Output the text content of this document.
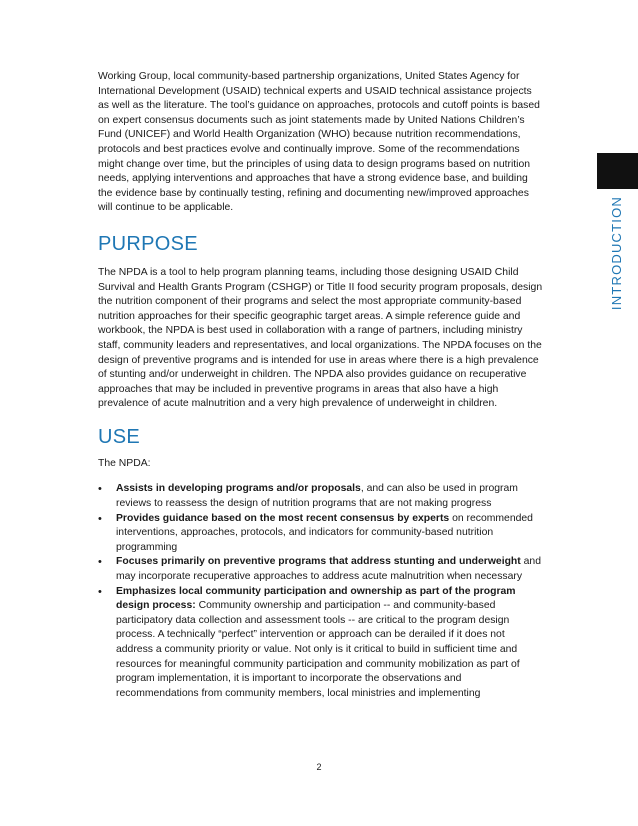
Working Group, local community-based partnership organizations, United States Agency for International Development (USAID) technical experts and USAID technical assistance projects as well as the literature. The tool’s guidance on approaches, protocols and cutoff points is based on expert consensus documents such as joint statements made by United Nations Children’s Fund (UNICEF) and World Health Organization (WHO) because nutrition recommendations, protocols and best practices evolve and continually improve. Some of the recommendations might change over time, but the principles of using data to design programs based on nutrition needs, applying interventions and approaches that have a strong evidence base, and building the evidence base by continually testing, refining and documenting new/improved approaches will continue to be applicable.

PURPOSE

The NPDA is a tool to help program planning teams, including those designing USAID Child Survival and Health Grants Program (CSHGP) or Title II food security program proposals, design the nutrition component of their programs and select the most appropriate community-based nutrition approaches for their specific geographic target areas. A simple reference guide and workbook, the NPDA is best used in collaboration with a range of partners, including ministry staff, community leaders and representatives, and local organizations. The NPDA focuses on the design of preventive programs and is intended for use in areas where there is a high prevalence of stunting and/or underweight in children. The NPDA also provides guidance on recuperative approaches that may be included in preventive programs in areas that also have a high prevalence of acute malnutrition and a very high prevalence of underweight in children.

USE

The NPDA:

• Assists in developing programs and/or proposals, and can also be used in program reviews to reassess the design of nutrition programs that are not making progress
• Provides guidance based on the most recent consensus by experts on recommended interventions, approaches, protocols, and indicators for community-based nutrition programming
• Focuses primarily on preventive programs that address stunting and underweight and may incorporate recuperative approaches to address acute malnutrition when necessary
• Emphasizes local community participation and ownership as part of the program design process: Community ownership and participation -- and community-based participatory data collection and assessment tools -- are critical to the program design process. A technically “perfect” intervention or approach can be derailed if it does not address a community priority or value. Not only is it critical to build in sufficient time and resources for meaningful community participation and community mobilization as part of program implementation, it is important to incorporate the observations and recommendations from community members, local ministries and implementing
INTRODUCTION
2
